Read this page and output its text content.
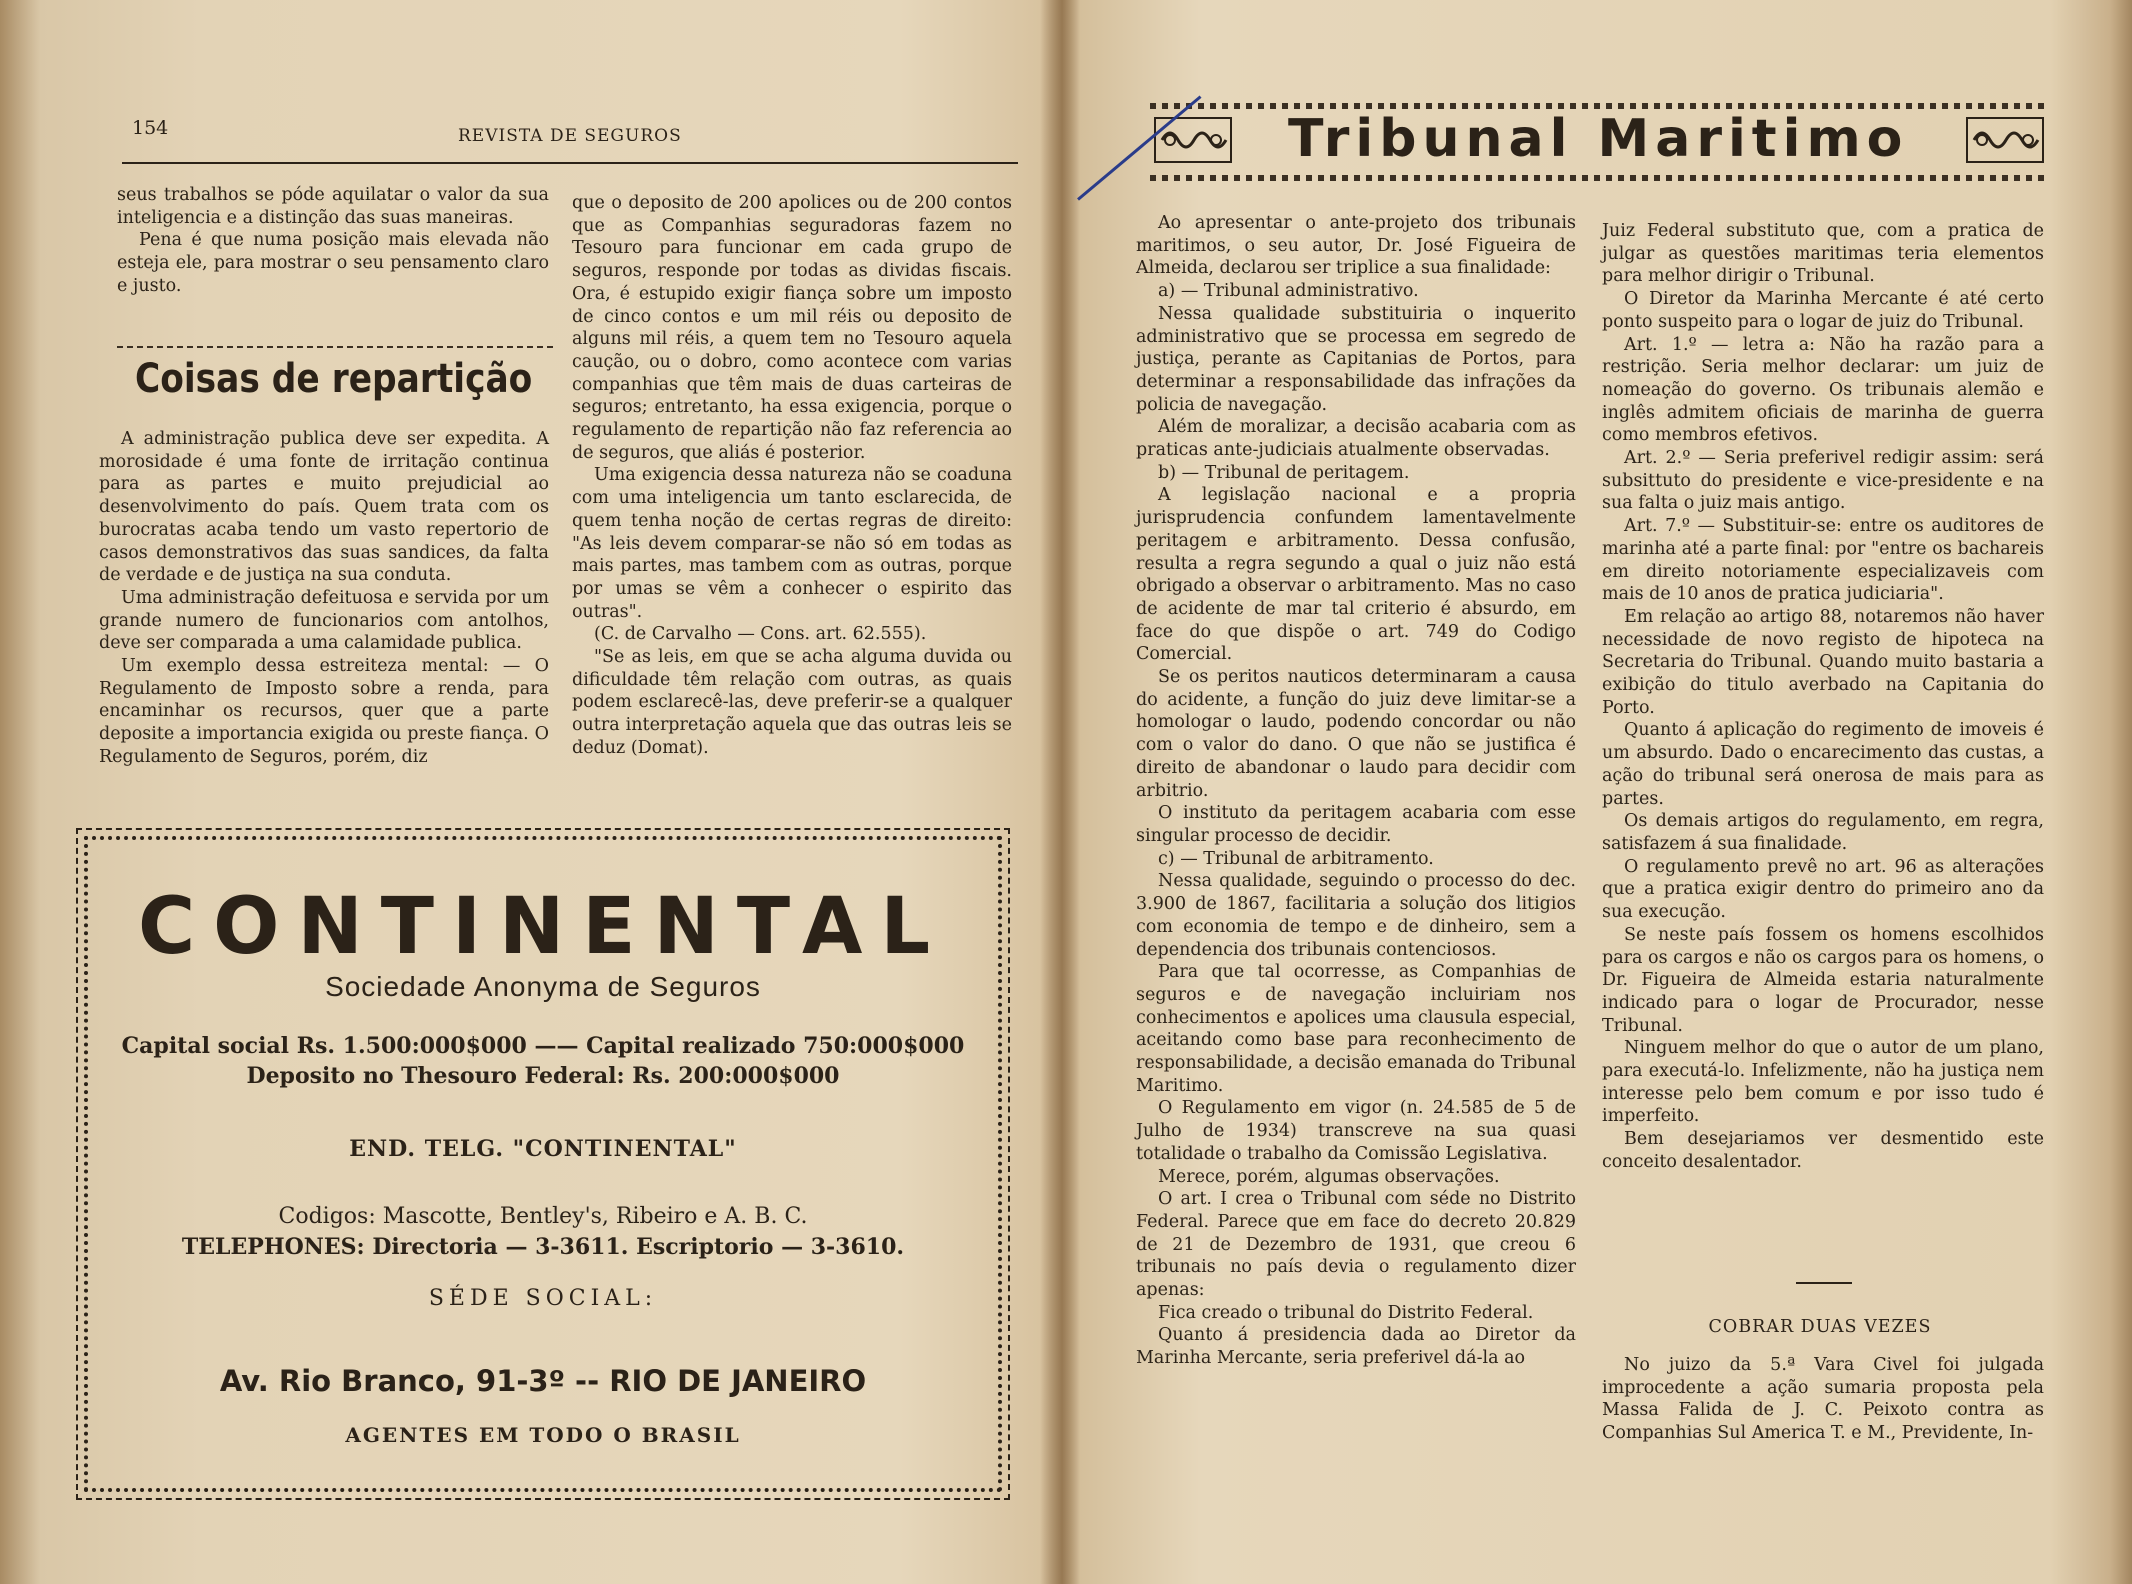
154	REVISTA DE SEGUROS

seus trabalhos se póde aquilatar o valor da sua inteligencia e a distinção das suas maneiras.

Pena é que numa posição mais elevada não esteja ele, para mostrar o seu pensamento claro e justo.

Coisas de repartição

A administração publica deve ser expedita. A morosidade é uma fonte de irritação continua para as partes e muito prejudicial ao desenvolvimento do país. Quem trata com os burocratas acaba tendo um vasto repertorio de casos demonstrativos das suas sandices, da falta de verdade e de justiça na sua conduta.

Uma administração defeituosa e servida por um grande numero de funcionarios com antolhos, deve ser comparada a uma calamidade publica.

Um exemplo dessa estreiteza mental: — O Regulamento de Imposto sobre a renda, para encaminhar os recursos, quer que a parte deposite a importancia exigida ou preste fiança. O Regulamento de Seguros, porém, diz

que o deposito de 200 apolices ou de 200 contos que as Companhias seguradoras fazem no Tesouro para funcionar em cada grupo de seguros, responde por todas as dividas fiscais. Ora, é estupido exigir fiança sobre um imposto de cinco contos e um mil réis ou deposito de alguns mil réis, a quem tem no Tesouro aquela caução, ou o dobro, como acontece com varias companhias que têm mais de duas carteiras de seguros; entretanto, ha essa exigencia, porque o regulamento de repartição não faz referencia ao de seguros, que aliás é posterior.

Uma exigencia dessa natureza não se coaduna com uma inteligencia um tanto esclarecida, de quem tenha noção de certas regras de direito: "As leis devem comparar-se não só em todas as mais partes, mas tambem com as outras, porque por umas se vêm a conhecer o espirito das outras".

(C. de Carvalho — Cons. art. 62.555).

"Se as leis, em que se acha alguma duvida ou dificuldade têm relação com outras, as quais podem esclarecê-las, deve preferir-se a qualquer outra interpretação aquela que das outras leis se deduz (Domat).

CONTINENTAL
Sociedade Anonyma de Seguros
Capital social Rs. 1.500:000$000 —— Capital realizado 750:000$000
Deposito no Thesouro Federal: Rs. 200:000$000
END. TELG. "CONTINENTAL"
Codigos: Mascotte, Bentley's, Ribeiro e A. B. C.
TELEPHONES: Directoria — 3-3611. Escriptorio — 3-3610.
SÉDE SOCIAL:
Av. Rio Branco, 91-3º -- RIO DE JANEIRO
AGENTES EM TODO O BRASIL
Tribunal Maritimo

Ao apresentar o ante-projeto dos tribunais maritimos, o seu autor, Dr. José Figueira de Almeida, declarou ser triplice a sua finalidade:

a) — Tribunal administrativo.

Nessa qualidade substituiria o inquerito administrativo que se processa em segredo de justiça, perante as Capitanias de Portos, para determinar a responsabilidade das infrações da policia de navegação.

Além de moralizar, a decisão acabaria com as praticas ante-judiciais atualmente observadas.

b) — Tribunal de peritagem.

A legislação nacional e a propria jurisprudencia confundem lamentavelmente peritagem e arbitramento. Dessa confusão, resulta a regra segundo a qual o juiz não está obrigado a observar o arbitramento. Mas no caso de acidente de mar tal criterio é absurdo, em face do que dispõe o art. 749 do Codigo Comercial.

Se os peritos nauticos determinaram a causa do acidente, a função do juiz deve limitar-se a homologar o laudo, podendo concordar ou não com o valor do dano. O que não se justifica é direito de abandonar o laudo para decidir com arbitrio.

O instituto da peritagem acabaria com esse singular processo de decidir.

c) — Tribunal de arbitramento.

Nessa qualidade, seguindo o processo do dec. 3.900 de 1867, facilitaria a solução dos litigios com economia de tempo e de dinheiro, sem a dependencia dos tribunais contenciosos.

Para que tal ocorresse, as Companhias de seguros e de navegação incluiriam nos conhecimentos e apolices uma clausula especial, aceitando como base para reconhecimento de responsabilidade, a decisão emanada do Tribunal Maritimo.

O Regulamento em vigor (n. 24.585 de 5 de Julho de 1934) transcreve na sua quasi totalidade o trabalho da Comissão Legislativa.

Merece, porém, algumas observações.

O art. I crea o Tribunal com séde no Distrito Federal. Parece que em face do decreto 20.829 de 21 de Dezembro de 1931, que creou 6 tribunais no país devia o regulamento dizer apenas:

Fica creado o tribunal do Distrito Federal.

Quanto á presidencia dada ao Diretor da Marinha Mercante, seria preferivel dá-la ao

Juiz Federal substituto que, com a pratica de julgar as questões maritimas teria elementos para melhor dirigir o Tribunal.

O Diretor da Marinha Mercante é até certo ponto suspeito para o logar de juiz do Tribunal.

Art. 1.º — letra a: Não ha razão para a restrição. Seria melhor declarar: um juiz de nomeação do governo. Os tribunais alemão e inglês admitem oficiais de marinha de guerra como membros efetivos.

Art. 2.º — Seria preferivel redigir assim: será subsittuto do presidente e vice-presidente e na sua falta o juiz mais antigo.

Art. 7.º — Substituir-se: entre os auditores de marinha até a parte final: por "entre os bachareis em direito notoriamente especializaveis com mais de 10 anos de pratica judiciaria".

Em relação ao artigo 88, notaremos não haver necessidade de novo registo de hipoteca na Secretaria do Tribunal. Quando muito bastaria a exibição do titulo averbado na Capitania do Porto.

Quanto á aplicação do regimento de imoveis é um absurdo. Dado o encarecimento das custas, a ação do tribunal será onerosa de mais para as partes.

Os demais artigos do regulamento, em regra, satisfazem á sua finalidade.

O regulamento prevê no art. 96 as alterações que a pratica exigir dentro do primeiro ano da sua execução.

Se neste país fossem os homens escolhidos para os cargos e não os cargos para os homens, o Dr. Figueira de Almeida estaria naturalmente indicado para o logar de Procurador, nesse Tribunal.

Ninguem melhor do que o autor de um plano, para executá-lo. Infelizmente, não ha justiça nem interesse pelo bem comum e por isso tudo é imperfeito.

Bem desejariamos ver desmentido este conceito desalentador.

COBRAR DUAS VEZES

No juizo da 5.ª Vara Civel foi julgada improcedente a ação sumaria proposta pela Massa Falida de J. C. Peixoto contra as Companhias Sul America T. e M., Previdente, In-
